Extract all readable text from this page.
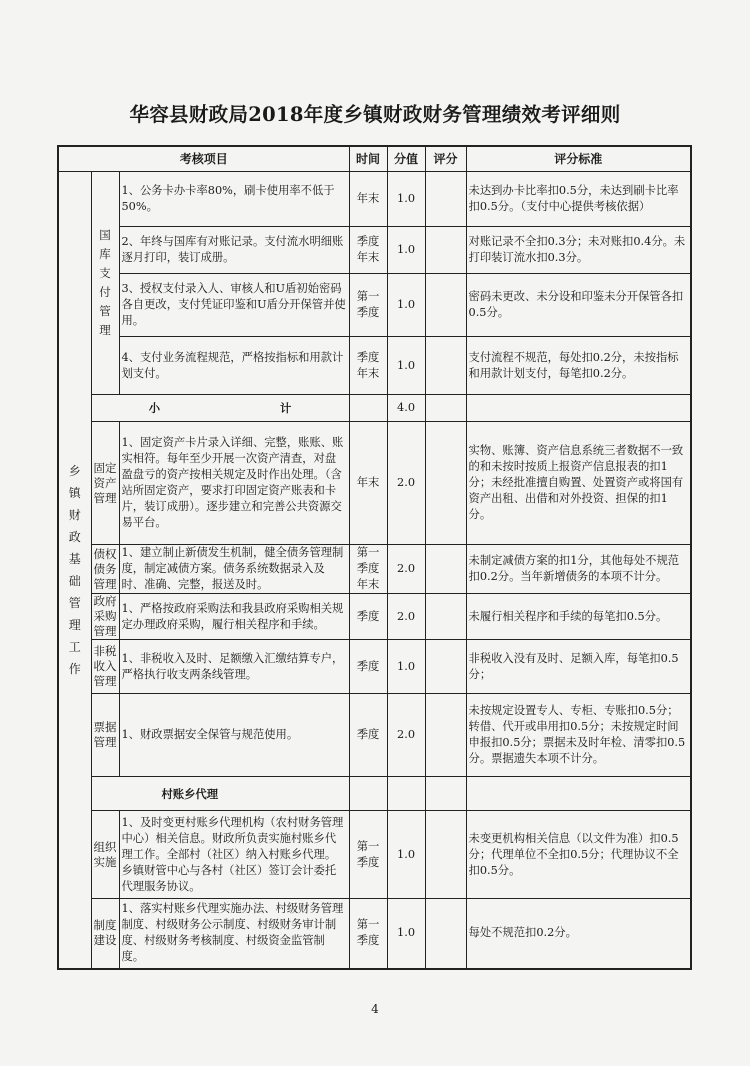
华容县财政局2018年度乡镇财政财务管理绩效考评细则
考核项目			时间	分值	评分	评分标准
乡镇财政基础管理工作	国库支付管理	1、公务卡办卡率80%，刷卡使用率不低于50%。	年末	1.0		未达到办卡比率扣0.5分，未达到刷卡比率扣0.5分。（支付中心提供考核依据）
		2、年终与国库有对账记录。支付流水明细账逐月打印，装订成册。	季度年末	1.0		对账记录不全扣0.3分；未对账扣0.4分。未打印装订流水扣0.3分。
		3、授权支付录入人、审核人和U盾初始密码各自更改，支付凭证印鉴和U盾分开保管并使用。	第一季度	1.0		密码未更改、未分设和印鉴未分开保管各扣0.5分。
		4、支付业务流程规范，严格按指标和用款计划支付。	季度年末	1.0		支付流程不规范，每处扣0.2分，未按指标和用款计划支付，每笔扣0.2分。
	小 计			4.0		
	固定资产管理	1、固定资产卡片录入详细、完整，账账、账实相符。每年至少开展一次资产清查，对盘盈盘亏的资产按相关规定及时作出处理。（含站所固定资产，要求打印固定资产账表和卡片，装订成册）。逐步建立和完善公共资源交易平台。	年末	2.0		实物、账簿、资产信息系统三者数据不一致的和未按时按质上报资产信息报表的扣1分；未经批准擅自购置、处置资产或将国有资产出租、出借和对外投资、担保的扣1分。
	债权债务管理	1、建立制止新债发生机制，健全债务管理制度，制定减债方案。债务系统数据录入及时、准确、完整，报送及时。	第一季度年末	2.0		未制定减债方案的扣1分，其他每处不规范扣0.2分。当年新增债务的本项不计分。
	政府采购管理	1、严格按政府采购法和我县政府采购相关规定办理政府采购，履行相关程序和手续。	季度	2.0		未履行相关程序和手续的每笔扣0.5分。
	非税收入管理	1、非税收入及时、足额缴入汇缴结算专户，严格执行收支两条线管理。	季度	1.0		非税收入没有及时、足额入库，每笔扣0.5分；
	票据管理	1、财政票据安全保管与规范使用。	季度	2.0		未按规定设置专人、专柜、专账扣0.5分；转借、代开或串用扣0.5分；未按规定时间申报扣0.5分；票据未及时年检、清零扣0.5分。票据遗失本项不计分。
	村账乡代理					
	组织实施	1、及时变更村账乡代理机构（农村财务管理中心）相关信息。财政所负责实施村账乡代理工作。全部村（社区）纳入村账乡代理。乡镇财管中心与各村（社区）签订会计委托代理服务协议。	第一季度	1.0		未变更机构相关信息（以文件为准）扣0.5分；代理单位不全扣0.5分；代理协议不全扣0.5分。
	制度建设	1、落实村账乡代理实施办法、村级财务管理制度、村级财务公示制度、村级财务审计制度、村级财务考核制度、村级资金监管制度。	第一季度	1.0		每处不规范扣0.2分。
4
